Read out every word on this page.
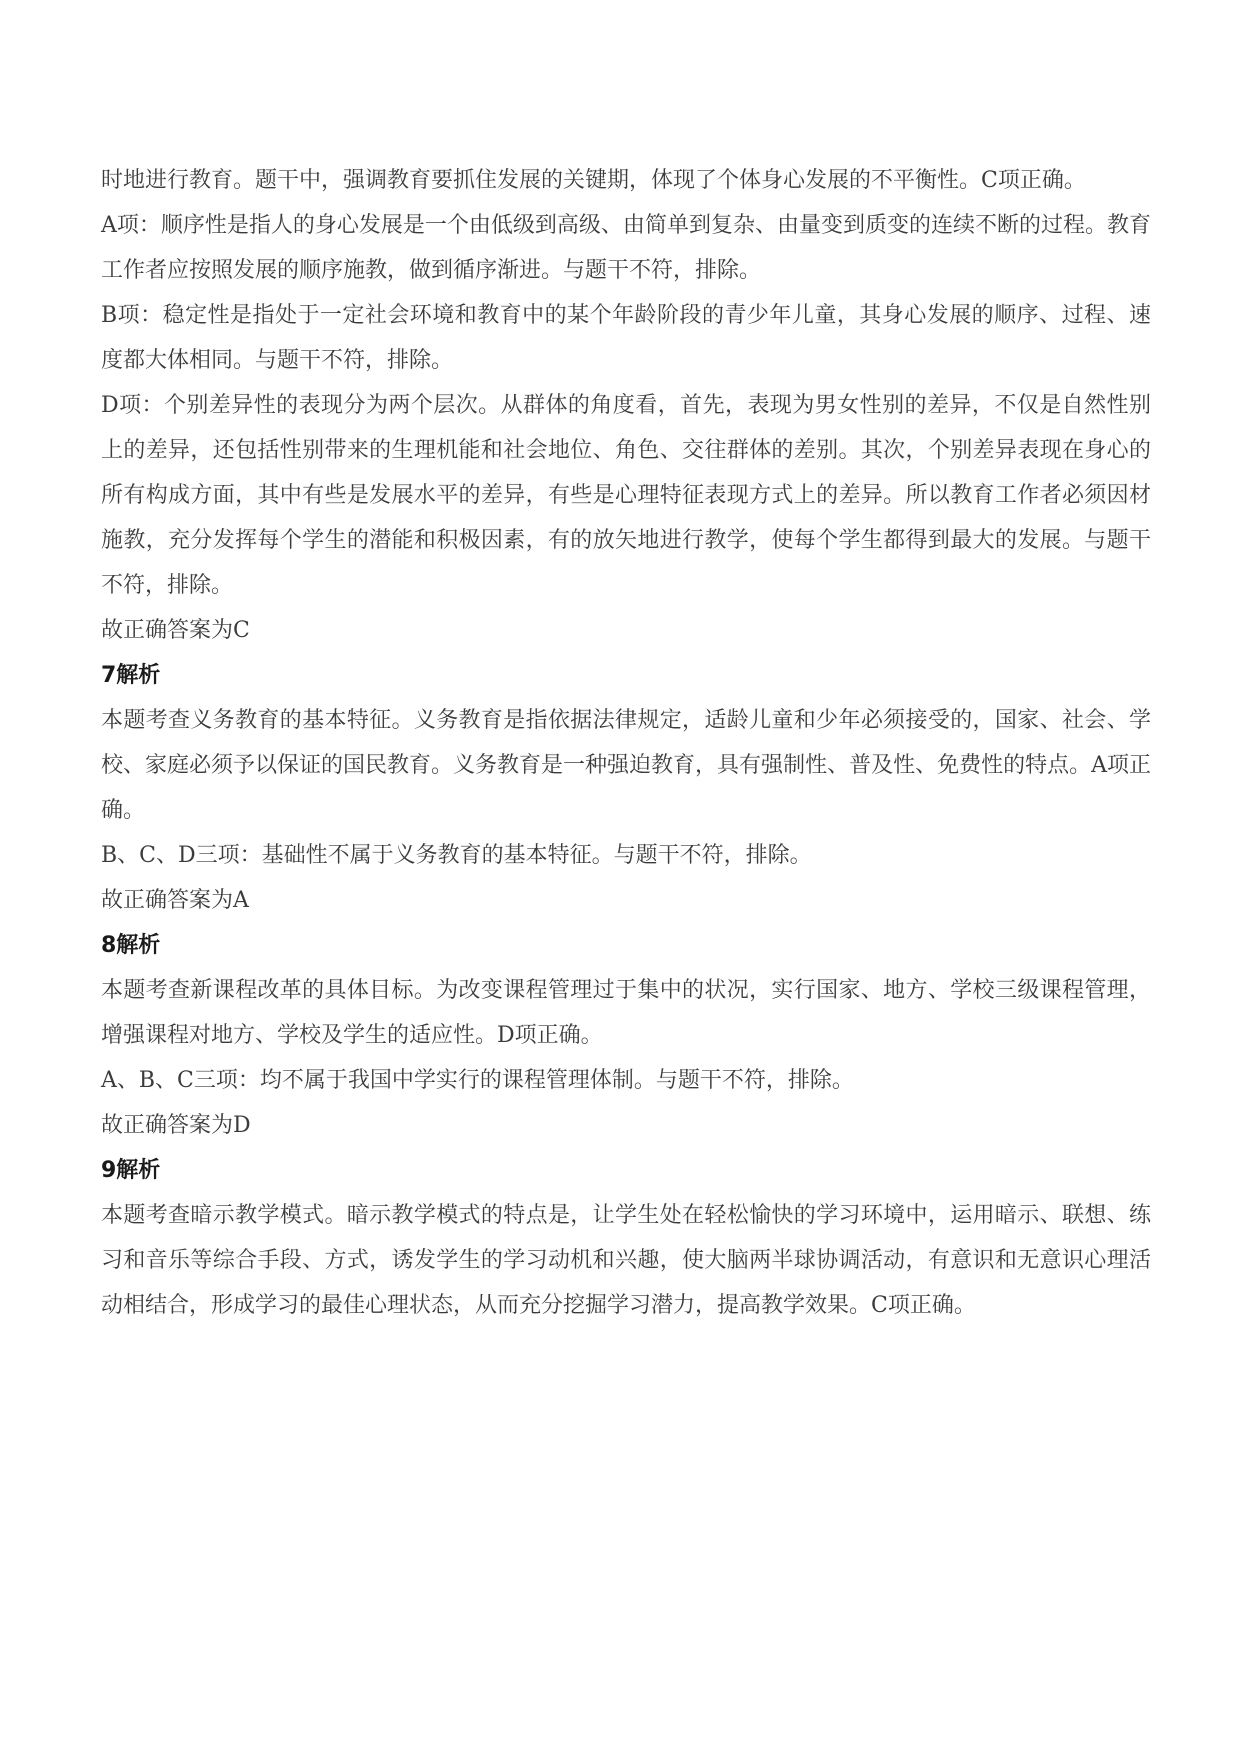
时地进行教育。题干中，强调教育要抓住发展的关键期，体现了个体身心发展的不平衡性。C项正确。

A项：顺序性是指人的身心发展是一个由低级到高级、由简单到复杂、由量变到质变的连续不断的过程。教育工作者应按照发展的顺序施教，做到循序渐进。与题干不符，排除。

B项：稳定性是指处于一定社会环境和教育中的某个年龄阶段的青少年儿童，其身心发展的顺序、过程、速度都大体相同。与题干不符，排除。

D项：个别差异性的表现分为两个层次。从群体的角度看，首先，表现为男女性别的差异，不仅是自然性别上的差异，还包括性别带来的生理机能和社会地位、角色、交往群体的差别。其次，个别差异表现在身心的所有构成方面，其中有些是发展水平的差异，有些是心理特征表现方式上的差异。所以教育工作者必须因材施教，充分发挥每个学生的潜能和积极因素，有的放矢地进行教学，使每个学生都得到最大的发展。与题干不符，排除。

故正确答案为C

7解析

本题考查义务教育的基本特征。义务教育是指依据法律规定，适龄儿童和少年必须接受的，国家、社会、学校、家庭必须予以保证的国民教育。义务教育是一种强迫教育，具有强制性、普及性、免费性的特点。A项正确。

B、C、D三项：基础性不属于义务教育的基本特征。与题干不符，排除。

故正确答案为A

8解析

本题考查新课程改革的具体目标。为改变课程管理过于集中的状况，实行国家、地方、学校三级课程管理，增强课程对地方、学校及学生的适应性。D项正确。

A、B、C三项：均不属于我国中学实行的课程管理体制。与题干不符，排除。

故正确答案为D

9解析

本题考查暗示教学模式。暗示教学模式的特点是，让学生处在轻松愉快的学习环境中，运用暗示、联想、练习和音乐等综合手段、方式，诱发学生的学习动机和兴趣，使大脑两半球协调活动，有意识和无意识心理活动相结合，形成学习的最佳心理状态，从而充分挖掘学习潜力，提高教学效果。C项正确。
